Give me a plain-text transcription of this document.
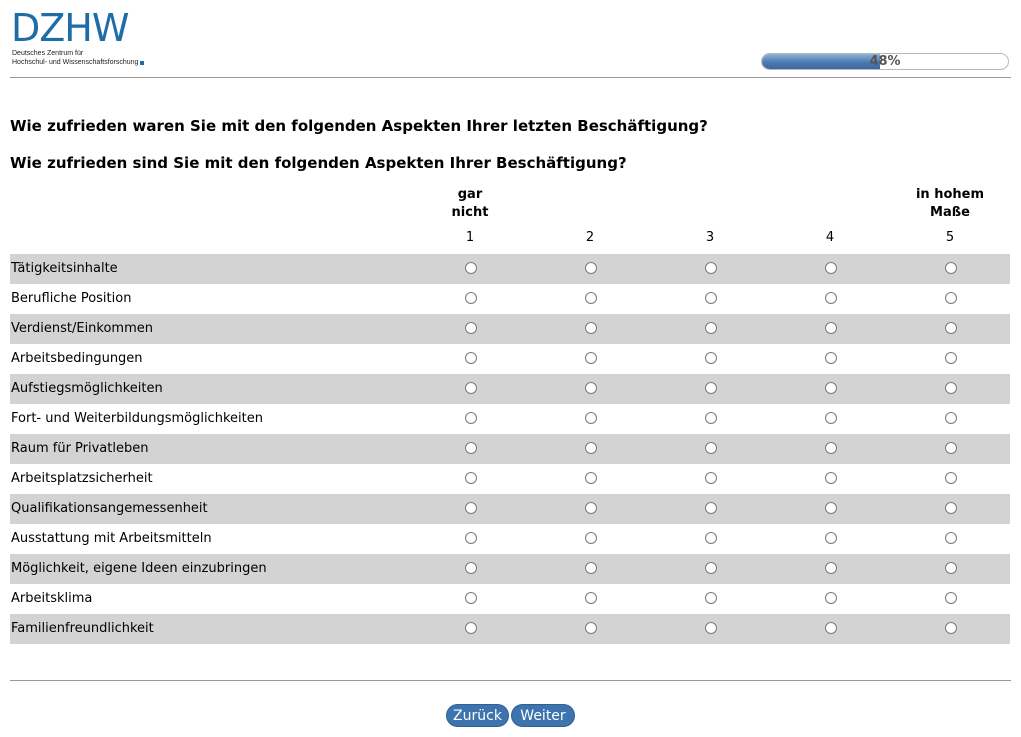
DZHW
Deutsches Zentrum für
Hochschul- und Wissenschaftsforschung	48%
Wie zufrieden waren Sie mit den folgenden Aspekten Ihrer letzten Beschäftigung?
Wie zufrieden sind Sie mit den folgenden Aspekten Ihrer Beschäftigung?
gar
nicht
in hohem
Maße
1	2	3	4	5
Tätigkeitsinhalte
Berufliche Position
Verdienst/Einkommen
Arbeitsbedingungen
Aufstiegsmöglichkeiten
Fort- und Weiterbildungsmöglichkeiten
Raum für Privatleben
Arbeitsplatzsicherheit
Qualifikationsangemessenheit
Ausstattung mit Arbeitsmitteln
Möglichkeit, eigene Ideen einzubringen
Arbeitsklima
Familienfreundlichkeit
Zurück	Weiter
